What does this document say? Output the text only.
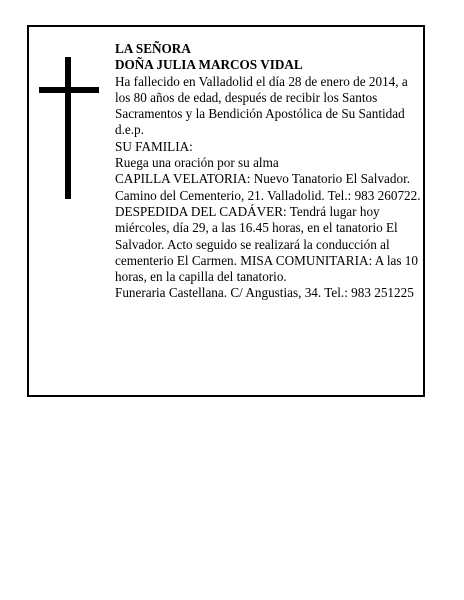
LA SEÑORA

DOÑA JULIA MARCOS VIDAL

Ha fallecido en Valladolid el día 28 de enero de 2014, a los 80 años de edad, después de recibir los Santos Sacramentos y la Bendición Apostólica de Su Santidad d.e.p.

SU FAMILIA:

Ruega una oración por su alma

CAPILLA VELATORIA: Nuevo Tanatorio El Salvador. Camino del Cementerio, 21. Valladolid. Tel.: 983 260722.

DESPEDIDA DEL CADÁVER: Tendrá lugar hoy miércoles, día 29, a las 16.45 horas, en el tanatorio El Salvador. Acto seguido se realizará la conducción al cementerio El Carmen. MISA COMUNITARIA: A las 10 horas, en la capilla del tanatorio.

Funeraria Castellana. C/ Angustias, 34. Tel.: 983 251225
